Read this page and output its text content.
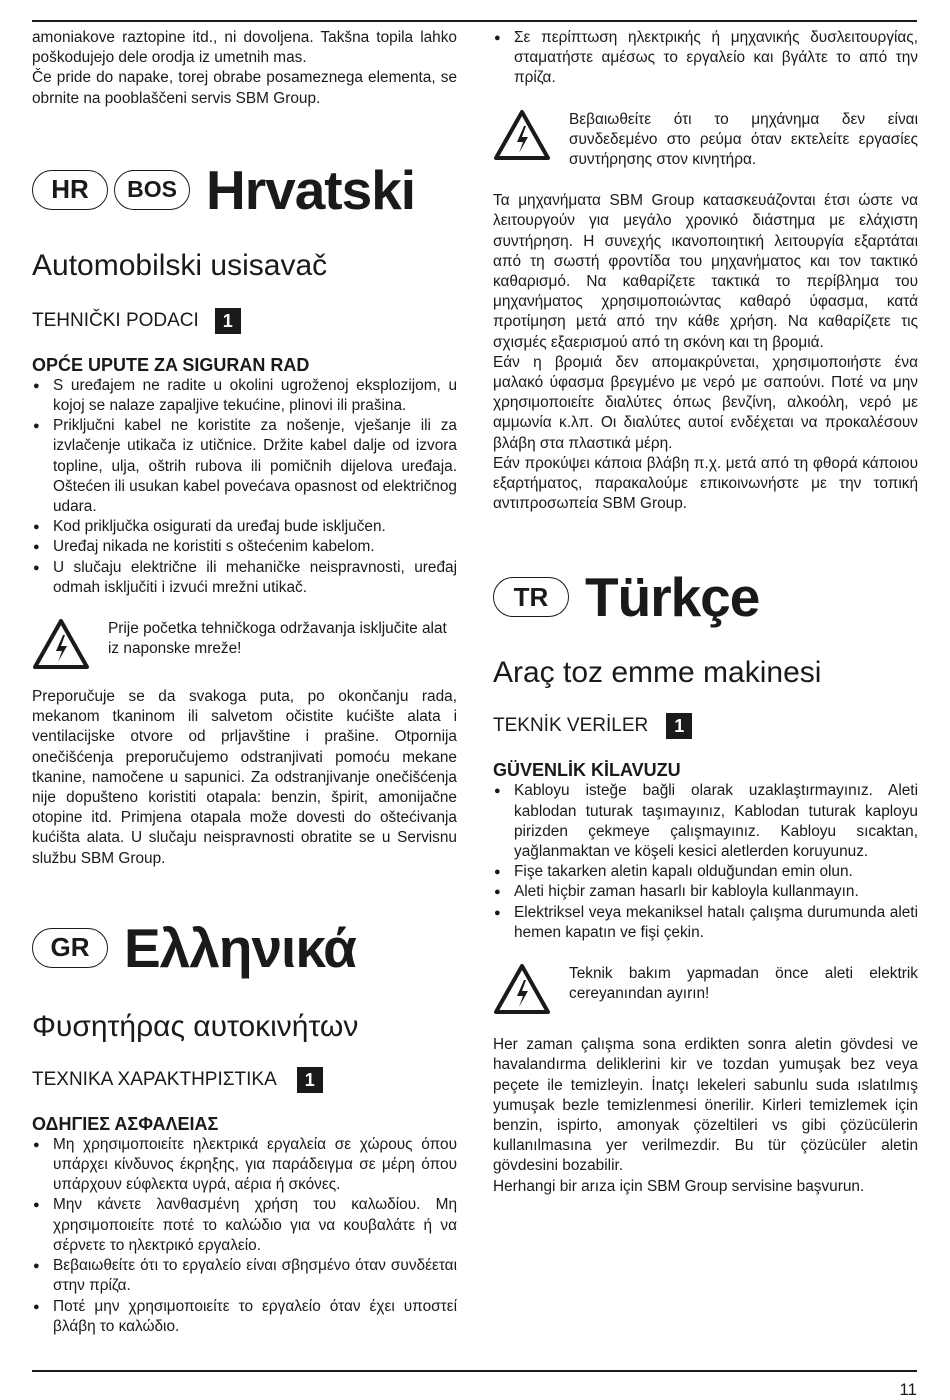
amoniakove raztopine itd., ni dovoljena. Takšna topila lahko poškodujejo dele orodja iz umetnih mas.

Če pride do napake, torej obrabe posameznega elementa, se obrnite na pooblaščeni servis SBM Group.

HR	BOS Hrvatski
Automobilski usisavač
TEHNIČKI PODACI	1
OPĆE UPUTE ZA SIGURAN RAD
● S uređajem ne radite u okolini ugroženoj eksplozijom, u kojoj se nalaze zapaljive tekućine, plinovi ili prašina.
● Priključni kabel ne koristite za nošenje, vješanje ili za izvlačenje utikača iz utičnice. Držite kabel dalje od izvora topline, ulja, oštrih rubova ili pomičnih dijelova uređaja. Oštećen ili usukan kabel povećava opasnost od električnog udara.
● Kod priključka osigurati da uređaj bude isključen.
● Uređaj nikada ne koristiti s oštećenim kabelom.
● U slučaju električne ili mehaničke neispravnosti, uređaj odmah isključiti i izvući mrežni utikač.

Prije početka tehničkoga održavanja isključite alat iz naponske mreže!

Preporučuje se da svakoga puta, po okončanju rada, mekanom tkaninom ili salvetom očistite kućište alata i ventilacijske otvore od prljavštine i prašine. Otpornija onečišćenja preporučujemo odstranjivati pomoću mekane tkanine, namočene u sapunici. Za odstranjivanje onečišćenja nije dopušteno koristiti otapala: benzin, špirit, amonijačne otopine itd. Primjena otapala može dovesti do oštećivanja kućišta alata. U slučaju neispravnosti obratite se u Servisnu službu SBM Group.

GR Ελληνικά
Φυσητήρας αυτοκινήτων
ΤΕΧΝΙΚΑ ΧΑΡΑΚΤΗΡΙΣΤΙΚΑ	1
ΟΔΗΓΙΕΣ ΑΣΦΑΛΕΙΑΣ
● Μη χρησιμοποιείτε ηλεκτρικά εργαλεία σε χώρους όπου υπάρχει κίνδυνος έκρηξης, για παράδειγμα σε μέρη όπου υπάρχουν εύφλεκτα υγρά, αέρια ή σκόνες.
● Μην κάνετε λανθασμένη χρήση του καλωδίου. Μη χρησιμοποιείτε ποτέ το καλώδιο για να κουβαλάτε ή να σέρνετε το ηλεκτρικό εργαλείο.
● Βεβαιωθείτε ότι το εργαλείο είναι σβησμένο όταν συνδέεται στην πρίζα.
● Ποτέ μην χρησιμοποιείτε το εργαλείο όταν έχει υποστεί βλάβη το καλώδιο.
● Σε περίπτωση ηλεκτρικής ή μηχανικής δυσλειτουργίας, σταματήστε αμέσως το εργαλείο και βγάλτε το από την πρίζα.

Βεβαιωθείτε ότι το μηχάνημα δεν είναι συνδεδεμένο στο ρεύμα όταν εκτελείτε εργασίες συντήρησης στον κινητήρα.

Τα μηχανήματα SBM Group κατασκευάζονται έτσι ώστε να λειτουργούν για μεγάλο χρονικό διάστημα με ελάχιστη συντήρηση. Η συνεχής ικανοποιητική λειτουργία εξαρτάται από τη σωστή φροντίδα του μηχανήματος και τον τακτικό καθαρισμό. Να καθαρίζετε τακτικά το περίβλημα του μηχανήματος χρησιμοποιώντας καθαρό ύφασμα, κατά προτίμηση μετά από την κάθε χρήση. Να καθαρίζετε τις σχισμές εξαερισμού από τη σκόνη και τη βρομιά.

Εάν η βρομιά δεν απομακρύνεται, χρησιμοποιήστε ένα μαλακό ύφασμα βρεγμένο με νερό με σαπούνι. Ποτέ να μην χρησιμοποιείτε διαλύτες όπως βενζίνη, αλκοόλη, νερό με αμμωνία κ.λπ. Οι διαλύτες αυτοί ενδέχεται να προκαλέσουν βλάβη στα πλαστικά μέρη.

Εάν προκύψει κάποια βλάβη π.χ. μετά από τη φθορά κάποιου εξαρτήματος, παρακαλούμε επικοινωνήστε με την τοπική αντιπροσωπεία SBM Group.

TR Türkçe
Araç toz emme makinesi
TEKNİK VERİLER	1
GÜVENLİK KİLAVUZU
● Kabloyu isteğe bağli olarak uzaklaştırmayınız. Aleti kablodan tuturak taşımayınız, Kablodan tuturak kaployu pirizden çekmeye çalışmayınız. Kabloyu sıcaktan, yağlanmaktan ve köşeli kesici aletlerden koruyunuz.
● Fişe takarken aletin kapalı olduğundan emin olun.
● Aleti hiçbir zaman hasarlı bir kabloyla kullanmayın.
● Elektriksel veya mekaniksel hatalı çalışma durumunda aleti hemen kapatın ve fişi çekin.

Teknik bakım yapmadan önce aleti elektrik cereyanından ayırın!

Her zaman çalışma sona erdikten sonra aletin gövdesi ve havalandırma deliklerini kir ve tozdan yumuşak bez veya peçete ile temizleyin. İnatçı lekeleri sabunlu suda ıslatılmış yumuşak bezle temizlenmesi önerilir. Kirleri temizlemek için benzin, ispirto, amonyak çözeltileri vs gibi çözücülerin kullanılmasına yer verilmezdir. Bu tür çözücüler aletin gövdesini bozabilir.

Herhangi bir arıza için SBM Group servisine başvurun.

11
